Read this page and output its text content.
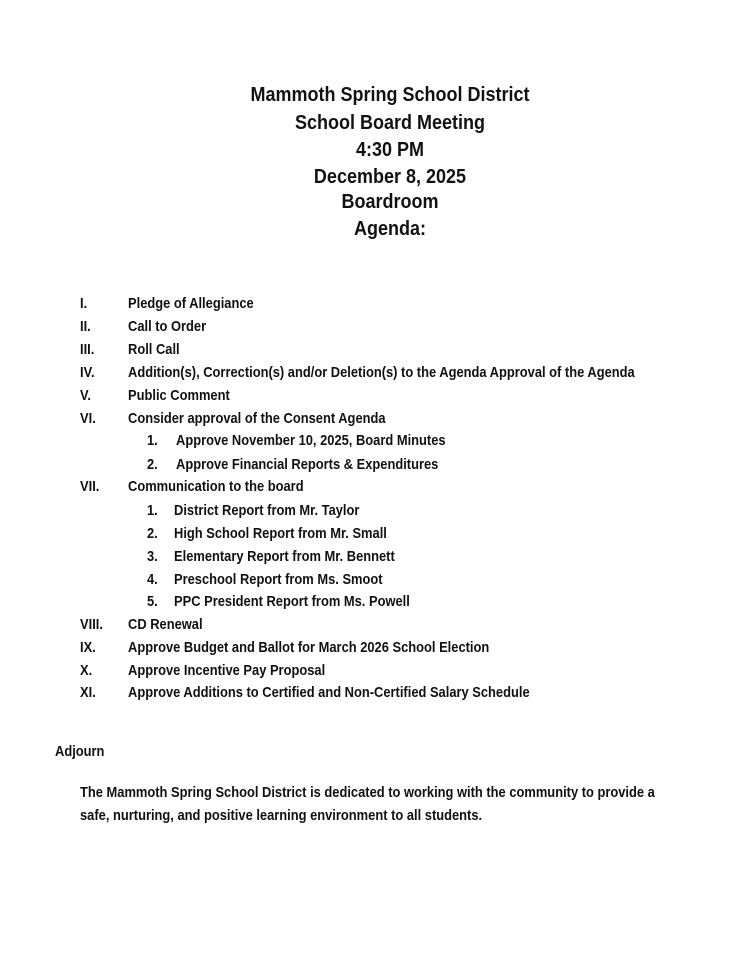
Mammoth Spring School District
School Board Meeting
4:30 PM
December 8, 2025
Boardroom
Agenda:
I.	Pledge of Allegiance
II. Call to Order
III. Roll Call
IV. Addition(s), Correction(s) and/or Deletion(s) to the Agenda Approval of the Agenda
V. Public Comment
VI. Consider approval of the Consent Agenda
1. Approve November 10, 2025, Board Minutes
2. Approve Financial Reports & Expenditures
VII. Communication to the board
1. District Report from Mr. Taylor
2. High School Report from Mr. Small
3. Elementary Report from Mr. Bennett
4. Preschool Report from Ms. Smoot
5. PPC President Report from Ms. Powell
VIII. CD Renewal
IX. Approve Budget and Ballot for March 2026 School Election
X. Approve Incentive Pay Proposal
XI. Approve Additions to Certified and Non-Certified Salary Schedule
Adjourn
The Mammoth Spring School District is dedicated to working with the community to provide a
safe, nurturing, and positive learning environment to all students.
